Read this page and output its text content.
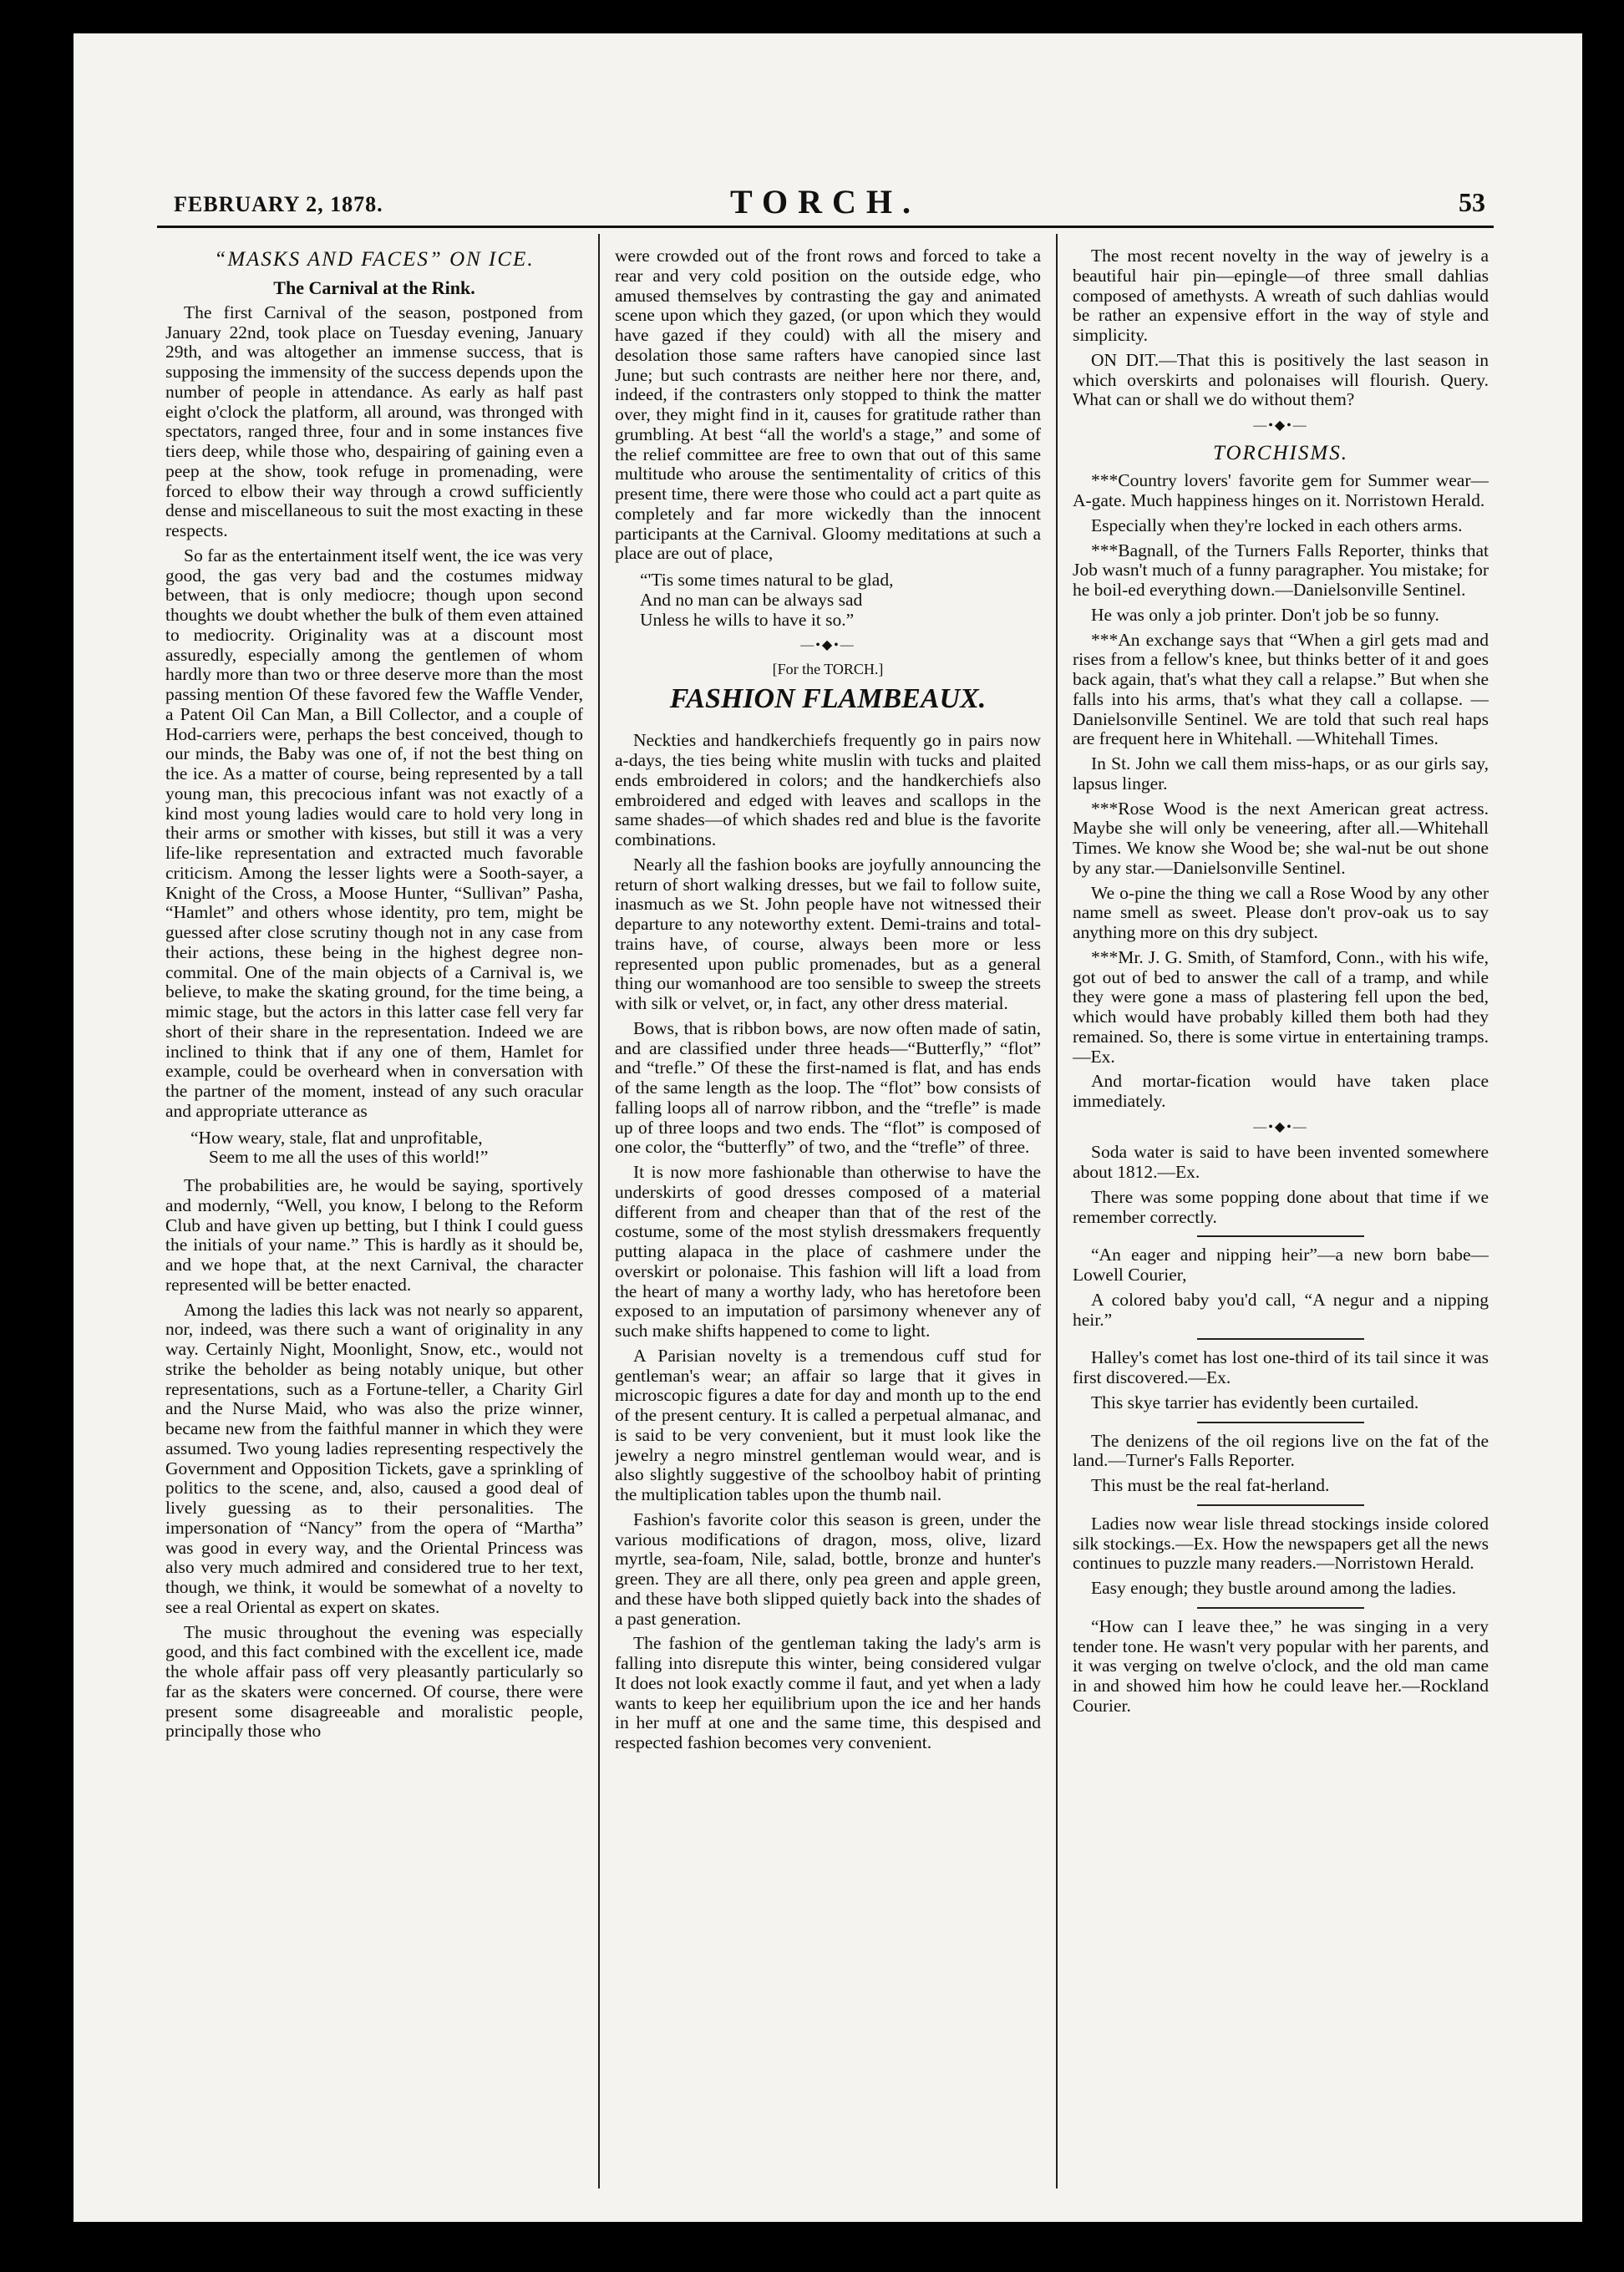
FEBRUARY 2, 1878.	TORCH.	53
“MASKS AND FACES” ON ICE.
The Carnival at the Rink.

The first Carnival of the season, postponed from January 22nd, took place on Tuesday evening, January 29th, and was altogether an immense success, that is supposing the immensity of the success depends upon the number of people in attendance. As early as half past eight o'clock the platform, all around, was thronged with spectators, ranged three, four and in some instances five tiers deep, while those who, despairing of gaining even a peep at the show, took refuge in promenading, were forced to elbow their way through a crowd sufficiently dense and miscellaneous to suit the most exacting in these respects.

So far as the entertainment itself went, the ice was very good, the gas very bad and the costumes midway between, that is only mediocre; though upon second thoughts we doubt whether the bulk of them even attained to mediocrity. Originality was at a discount most assuredly, especially among the gentlemen of whom hardly more than two or three deserve more than the most passing mention Of these favored few the Waffle Vender, a Patent Oil Can Man, a Bill Collector, and a couple of Hod-carriers were, perhaps the best conceived, though to our minds, the Baby was one of, if not the best thing on the ice. As a matter of course, being represented by a tall young man, this precocious infant was not exactly of a kind most young ladies would care to hold very long in their arms or smother with kisses, but still it was a very life-like representation and extracted much favorable criticism. Among the lesser lights were a Sooth-sayer, a Knight of the Cross, a Moose Hunter, “Sullivan” Pasha, “Hamlet” and others whose identity, pro tem, might be guessed after close scrutiny though not in any case from their actions, these being in the highest degree non-commital. One of the main objects of a Carnival is, we believe, to make the skating ground, for the time being, a mimic stage, but the actors in this latter case fell very far short of their share in the representation. Indeed we are inclined to think that if any one of them, Hamlet for example, could be overheard when in conversation with the partner of the moment, instead of any such oracular and appropriate utterance as

“How weary, stale, flat and unprofitable,
Seem to me all the uses of this world!”

The probabilities are, he would be saying, sportively and modernly, “Well, you know, I belong to the Reform Club and have given up betting, but I think I could guess the initials of your name.” This is hardly as it should be, and we hope that, at the next Carnival, the character represented will be better enacted.

Among the ladies this lack was not nearly so apparent, nor, indeed, was there such a want of originality in any way. Certainly Night, Moonlight, Snow, etc., would not strike the beholder as being notably unique, but other representations, such as a Fortune-teller, a Charity Girl and the Nurse Maid, who was also the prize winner, became new from the faithful manner in which they were assumed. Two young ladies representing respectively the Government and Opposition Tickets, gave a sprinkling of politics to the scene, and, also, caused a good deal of lively guessing as to their personalities. The impersonation of “Nancy” from the opera of “Martha” was good in every way, and the Oriental Princess was also very much admired and considered true to her text, though, we think, it would be somewhat of a novelty to see a real Oriental as expert on skates.

The music throughout the evening was especially good, and this fact combined with the excellent ice, made the whole affair pass off very pleasantly particularly so far as the skaters were concerned. Of course, there were present some disagreeable and moralistic people, principally those who

were crowded out of the front rows and forced to take a rear and very cold position on the outside edge, who amused themselves by contrasting the gay and animated scene upon which they gazed, (or upon which they would have gazed if they could) with all the misery and desolation those same rafters have canopied since last June; but such contrasts are neither here nor there, and, indeed, if the contrasters only stopped to think the matter over, they might find in it, causes for gratitude rather than grumbling. At best “all the world's a stage,” and some of the relief committee are free to own that out of this same multitude who arouse the sentimentality of critics of this present time, there were those who could act a part quite as completely and far more wickedly than the innocent participants at the Carnival. Gloomy meditations at such a place are out of place,

“'Tis some times natural to be glad,
And no man can be always sad
Unless he wills to have it so.”
—•◆•—

[For the TORCH.]

FASHION FLAMBEAUX.

Neckties and handkerchiefs frequently go in pairs now a-days, the ties being white muslin with tucks and plaited ends embroidered in colors; and the handkerchiefs also embroidered and edged with leaves and scallops in the same shades—of which shades red and blue is the favorite combinations.

Nearly all the fashion books are joyfully announcing the return of short walking dresses, but we fail to follow suite, inasmuch as we St. John people have not witnessed their departure to any noteworthy extent. Demi-trains and total-trains have, of course, always been more or less represented upon public promenades, but as a general thing our womanhood are too sensible to sweep the streets with silk or velvet, or, in fact, any other dress material.

Bows, that is ribbon bows, are now often made of satin, and are classified under three heads—“Butterfly,” “flot” and “trefle.” Of these the first-named is flat, and has ends of the same length as the loop. The “flot” bow consists of falling loops all of narrow ribbon, and the “trefle” is made up of three loops and two ends. The “flot” is composed of one color, the “butterfly” of two, and the “trefle” of three.

It is now more fashionable than otherwise to have the underskirts of good dresses composed of a material different from and cheaper than that of the rest of the costume, some of the most stylish dressmakers frequently putting alapaca in the place of cashmere under the overskirt or polonaise. This fashion will lift a load from the heart of many a worthy lady, who has heretofore been exposed to an imputation of parsimony whenever any of such make shifts happened to come to light.

A Parisian novelty is a tremendous cuff stud for gentleman's wear; an affair so large that it gives in microscopic figures a date for day and month up to the end of the present century. It is called a perpetual almanac, and is said to be very convenient, but it must look like the jewelry a negro minstrel gentleman would wear, and is also slightly suggestive of the schoolboy habit of printing the multiplication tables upon the thumb nail.

Fashion's favorite color this season is green, under the various modifications of dragon, moss, olive, lizard myrtle, sea-foam, Nile, salad, bottle, bronze and hunter's green. They are all there, only pea green and apple green, and these have both slipped quietly back into the shades of a past generation.

The fashion of the gentleman taking the lady's arm is falling into disrepute this winter, being considered vulgar It does not look exactly comme il faut, and yet when a lady wants to keep her equilibrium upon the ice and her hands in her muff at one and the same time, this despised and respected fashion becomes very convenient.

The most recent novelty in the way of jewelry is a beautiful hair pin—epingle—of three small dahlias composed of amethysts. A wreath of such dahlias would be rather an expensive effort in the way of style and simplicity.

ON DIT.—That this is positively the last season in which overskirts and polonaises will flourish. Query. What can or shall we do without them?

—•◆•—
TORCHISMS.

***Country lovers' favorite gem for Summer wear—A-gate. Much happiness hinges on it. Norristown Herald.

Especially when they're locked in each others arms.

***Bagnall, of the Turners Falls Reporter, thinks that Job wasn't much of a funny paragrapher. You mistake; for he boil-ed everything down.—Danielsonville Sentinel.

He was only a job printer. Don't job be so funny.

***An exchange says that “When a girl gets mad and rises from a fellow's knee, but thinks better of it and goes back again, that's what they call a relapse.” But when she falls into his arms, that's what they call a collapse. —Danielsonville Sentinel. We are told that such real haps are frequent here in Whitehall. —Whitehall Times.

In St. John we call them miss-haps, or as our girls say, lapsus linger.

***Rose Wood is the next American great actress. Maybe she will only be veneering, after all.—Whitehall Times. We know she Wood be; she wal-nut be out shone by any star.—Danielsonville Sentinel.

We o-pine the thing we call a Rose Wood by any other name smell as sweet. Please don't prov-oak us to say anything more on this dry subject.

***Mr. J. G. Smith, of Stamford, Conn., with his wife, got out of bed to answer the call of a tramp, and while they were gone a mass of plastering fell upon the bed, which would have probably killed them both had they remained. So, there is some virtue in entertaining tramps. —Ex.

And mortar-fication would have taken place immediately.

—•◆•—

Soda water is said to have been invented somewhere about 1812.—Ex.

There was some popping done about that time if we remember correctly.

“An eager and nipping heir”—a new born babe—Lowell Courier,

A colored baby you'd call, “A negur and a nipping heir.”

Halley's comet has lost one-third of its tail since it was first discovered.—Ex.

This skye tarrier has evidently been curtailed.

The denizens of the oil regions live on the fat of the land.—Turner's Falls Reporter.

This must be the real fat-herland.

Ladies now wear lisle thread stockings inside colored silk stockings.—Ex. How the newspapers get all the news continues to puzzle many readers.—Norristown Herald.

Easy enough; they bustle around among the ladies.

“How can I leave thee,” he was singing in a very tender tone. He wasn't very popular with her parents, and it was verging on twelve o'clock, and the old man came in and showed him how he could leave her.—Rockland Courier.
